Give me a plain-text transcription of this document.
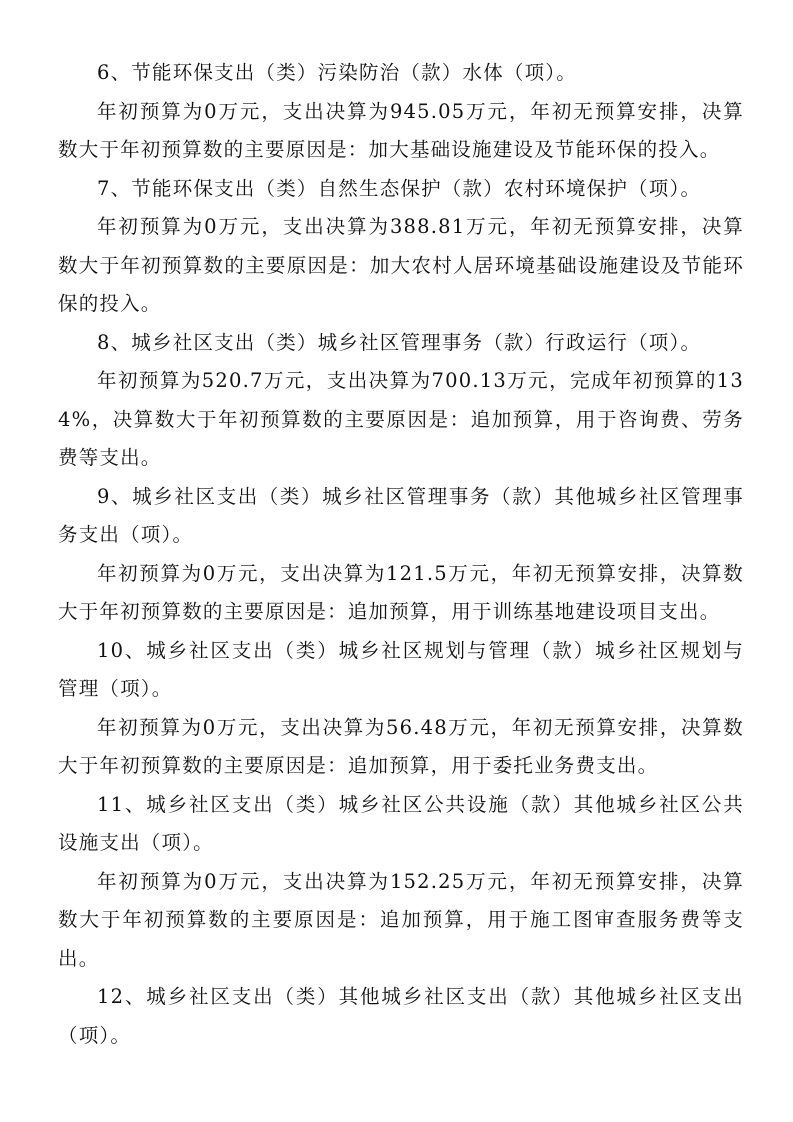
6、节能环保支出（类）污染防治（款）水体（项）。

年初预算为0万元，支出决算为945.05万元，年初无预算安排，决算数大于年初预算数的主要原因是：加大基础设施建设及节能环保的投入。

7、节能环保支出（类）自然生态保护（款）农村环境保护（项）。

年初预算为0万元，支出决算为388.81万元，年初无预算安排，决算数大于年初预算数的主要原因是：加大农村人居环境基础设施建设及节能环保的投入。

8、城乡社区支出（类）城乡社区管理事务（款）行政运行（项）。

年初预算为520.7万元，支出决算为700.13万元，完成年初预算的134%，决算数大于年初预算数的主要原因是：追加预算，用于咨询费、劳务费等支出。

9、城乡社区支出（类）城乡社区管理事务（款）其他城乡社区管理事务支出（项）。

年初预算为0万元，支出决算为121.5万元，年初无预算安排，决算数大于年初预算数的主要原因是：追加预算，用于训练基地建设项目支出。

10、城乡社区支出（类）城乡社区规划与管理（款）城乡社区规划与管理（项）。

年初预算为0万元，支出决算为56.48万元，年初无预算安排，决算数大于年初预算数的主要原因是：追加预算，用于委托业务费支出。

11、城乡社区支出（类）城乡社区公共设施（款）其他城乡社区公共设施支出（项）。

年初预算为0万元，支出决算为152.25万元，年初无预算安排，决算数大于年初预算数的主要原因是：追加预算，用于施工图审查服务费等支出。

12、城乡社区支出（类）其他城乡社区支出（款）其他城乡社区支出（项）。
